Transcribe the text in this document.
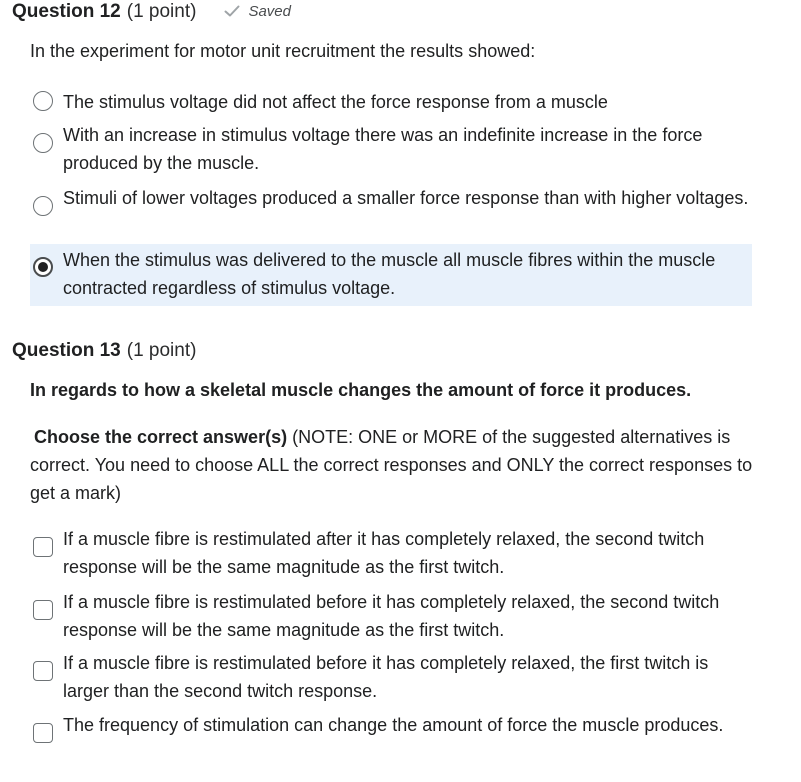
Question 12 (1 point)	Saved
In the experiment for motor unit recruitment the results showed:
The stimulus voltage did not affect the force response from a muscle
With an increase in stimulus voltage there was an indefinite increase in the force produced by the muscle.
Stimuli of lower voltages produced a smaller force response than with higher voltages.
When the stimulus was delivered to the muscle all muscle fibres within the muscle contracted regardless of stimulus voltage.
Question 13 (1 point)
In regards to how a skeletal muscle changes the amount of force it produces.
Choose the correct answer(s) (NOTE: ONE or MORE of the suggested alternatives is correct. You need to choose ALL the correct responses and ONLY the correct responses to get a mark)
If a muscle fibre is restimulated after it has completely relaxed, the second twitch response will be the same magnitude as the first twitch.
If a muscle fibre is restimulated before it has completely relaxed, the second twitch response will be the same magnitude as the first twitch.
If a muscle fibre is restimulated before it has completely relaxed, the first twitch is larger than the second twitch response.
The frequency of stimulation can change the amount of force the muscle produces.
